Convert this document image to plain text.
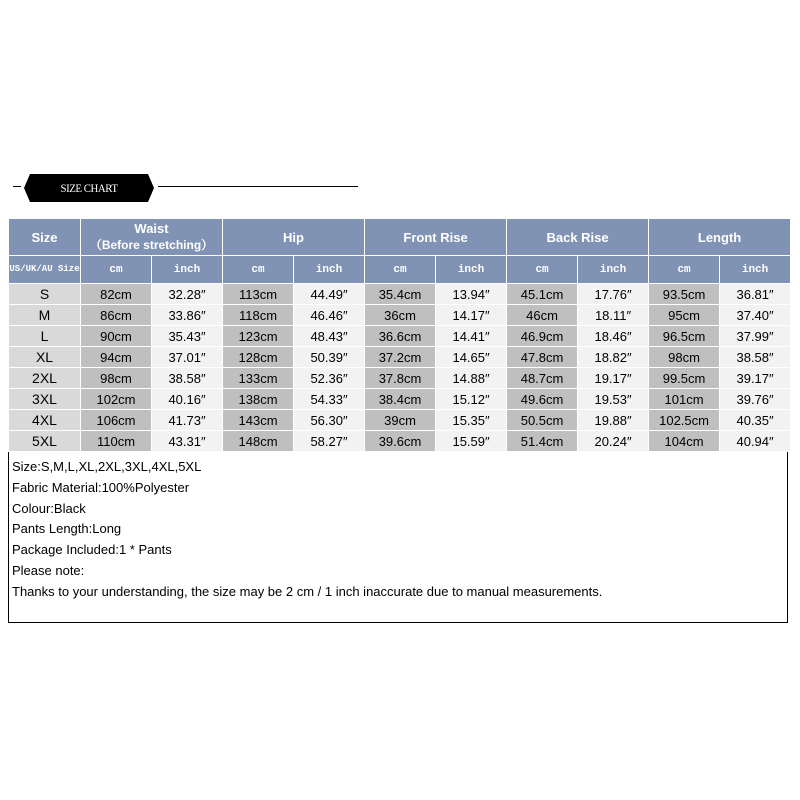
SIZE CHART
Size	Waist
（Before stretching）		Hip		Front Rise		Back Rise		Length	
US/UK/AU Size	cm	inch	cm	inch	cm	inch	cm	inch	cm	inch
S	82cm	32.28″	113cm	44.49″	35.4cm	13.94″	45.1cm	17.76″	93.5cm	36.81″
M	86cm	33.86″	118cm	46.46″	36cm	14.17″	46cm	18.11″	95cm	37.40″
L	90cm	35.43″	123cm	48.43″	36.6cm	14.41″	46.9cm	18.46″	96.5cm	37.99″
XL	94cm	37.01″	128cm	50.39″	37.2cm	14.65″	47.8cm	18.82″	98cm	38.58″
2XL	98cm	38.58″	133cm	52.36″	37.8cm	14.88″	48.7cm	19.17″	99.5cm	39.17″
3XL	102cm	40.16″	138cm	54.33″	38.4cm	15.12″	49.6cm	19.53″	101cm	39.76″
4XL	106cm	41.73″	143cm	56.30″	39cm	15.35″	50.5cm	19.88″	102.5cm	40.35″
5XL	110cm	43.31″	148cm	58.27″	39.6cm	15.59″	51.4cm	20.24″	104cm	40.94″
Size:S,M,L,XL,2XL,3XL,4XL,5XL
Fabric Material:100%Polyester
Colour:Black
Pants Length:Long
Package Included:1 * Pants
Please note:
Thanks to your understanding, the size may be 2 cm / 1 inch inaccurate due to manual measurements.
